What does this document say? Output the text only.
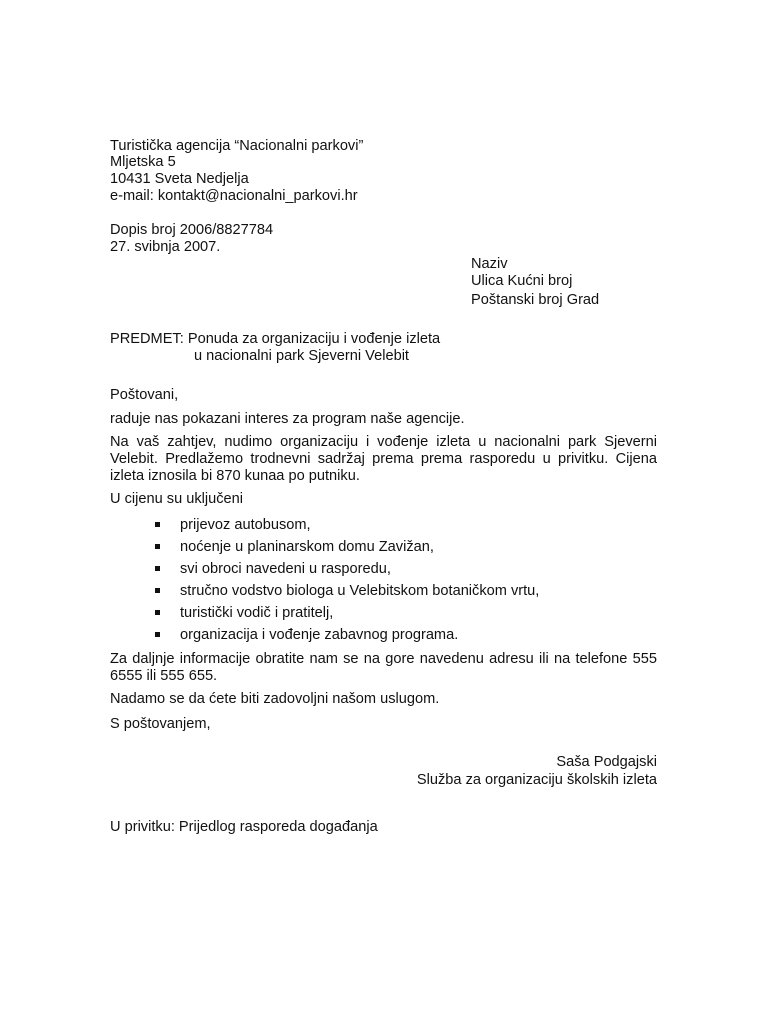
Turistička agencija “Nacionalni parkovi”
Mljetska 5
10431 Sveta Nedjelja
e-mail: kontakt@nacionalni_parkovi.hr
Dopis broj 2006/8827784
27. svibnja 2007.
Naziv
Ulica Kućni broj
Poštanski broj Grad
PREDMET: Ponuda za organizaciju i vođenje izleta
u nacionalni park Sjeverni Velebit
Poštovani,
raduje nas pokazani interes za program naše agencije.
Na vaš zahtjev, nudimo organizaciju i vođenje izleta u nacionalni park Sjeverni Velebit. Predlažemo trodnevni sadržaj prema prema rasporedu u privitku. Cijena izleta iznosila bi 870 kunaa po putniku.
U cijenu su uključeni
prijevoz autobusom,
noćenje u planinarskom domu Zavižan,
svi obroci navedeni u rasporedu,
stručno vodstvo biologa u Velebitskom botaničkom vrtu,
turistički vodič i pratitelj,
organizacija i vođenje zabavnog programa.
Za daljnje informacije obratite nam se na gore navedenu adresu ili na telefone 555 6555 ili 555 655.
Nadamo se da ćete biti zadovoljni našom uslugom.
S poštovanjem,
Saša Podgajski
Služba za organizaciju školskih izleta
U privitku: Prijedlog rasporeda događanja
